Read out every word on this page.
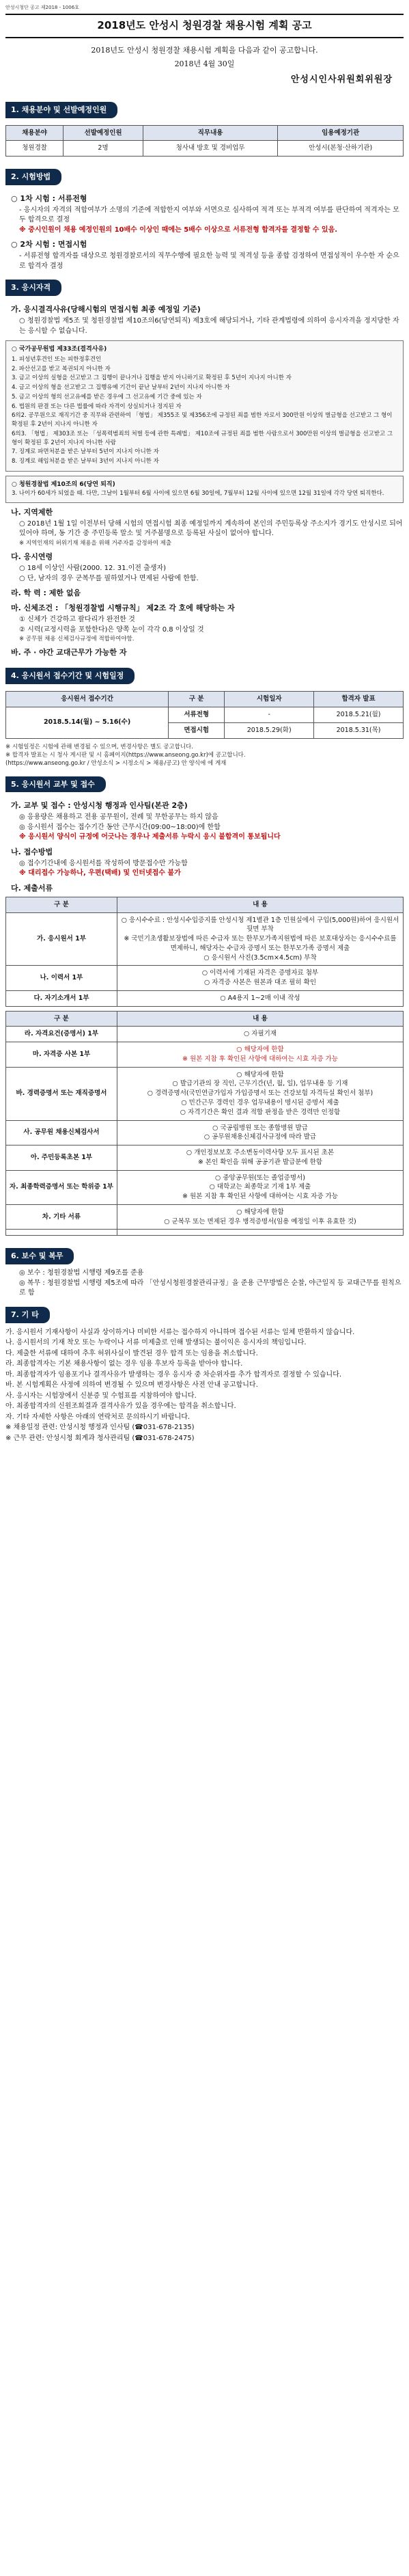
안성시청단 공고 제2018 - 1006호
2018년도 안성시 청원경찰 채용시험 계획 공고
2018년도 안성시 청원경찰 채용시험 계획을 다음과 같이 공고합니다.
2018년 4월 30일
안성시인사위원회위원장
1. 채용분야 및 선발예정인원
채용분야	선발예정인원	직무내용	임용예정기관
청원경찰	2명	청사내 방호 및 경비업무	안성시(본청·산하기관)
2. 시험방법
○ 1차 시험 : 서류전형
- 응시자의 자격의 적합여부가 소명의 기준에 적합한지 여부와 서면으로 심사하여 적격 또는 부적격 여부를 판단하여 적격자는 모두 합격으로 결정
※ 중시인원이 채용 예정인원의 10배수 이상인 때에는 5배수 이상으로 서류전형 합격자를 결정할 수 있음.
○ 2차 시험 : 면접시험
- 서류전형 합격자를 대상으로 청원경찰로서의 직무수행에 필요한 능력 및 적격성 등을 종합 검정하여 면접성적이 우수한 자 순으로 합격자 결정
3. 응시자격
가. 응시결격사유(당해시험의 면접시험 최종 예정일 기준)
○ 청원경찰법 제5조 및 청원경찰법 제10조의6(당연퇴직) 제3호에 해당되거나, 기타 관계법령에 의하여 응시자격을 정지당한 자는 응시할 수 없습니다.
○ 국가공무원법 제33조(결격사유)
1. 피성년후견인 또는 피한정후견인
2. 파산선고를 받고 복권되지 아니한 자
3. 금고 이상의 실형을 선고받고 그 집행이 끝나거나 집행을 받지 아니하기로 확정된 후 5년이 지나지 아니한 자
4. 금고 이상의 형을 선고받고 그 집행유예 기간이 끝난 날부터 2년이 지나지 아니한 자
5. 금고 이상의 형의 선고유예를 받은 경우에 그 선고유예 기간 중에 있는 자
6. 법원의 판결 또는 다른 법률에 따라 자격이 상실되거나 정지된 자
6의2. 공무원으로 재직기간 중 직무와 관련하여 「형법」 제355조 및 제356조에 규정된 죄를 범한 자로서 300만원 이상의 벌금형을 선고받고 그 형이 확정된 후 2년이 지나지 아니한 자
6의3. 「형법」 제303조 또는 「성폭력범죄의 처벌 등에 관한 특례법」 제10조에 규정된 죄를 범한 사람으로서 300만원 이상의 벌금형을 선고받고 그 형이 확정된 후 2년이 지나지 아니한 사람
7. 징계로 파면처분을 받은 날부터 5년이 지나지 아니한 자
8. 징계로 해임처분을 받은 날부터 3년이 지나지 아니한 자
○ 청원경찰법 제10조의 6(당연 퇴직)
3. 나이가 60세가 되었을 때. 다만, 그날이 1월부터 6월 사이에 있으면 6월 30일에, 7월부터 12월 사이에 있으면 12월 31일에 각각 당연 퇴직한다.
나. 지역제한
○ 2018년 1월 1일 이전부터 당해 시험의 면접시험 최종 예정일까지 계속하여 본인의 주민등록상 주소지가 경기도 안성시로 되어 있어야 하며, 동 기간 중 주민등록 말소 및 거주불명으로 등록된 사실이 없어야 합니다.
※ 지역인재의 허위기재 채용을 위해 거주자를 감정하여 제출
다. 응시연령
○ 18세 이상인 사람(2000. 12. 31.이전 출생자)
○ 단, 남자의 경우 군복무를 필하였거나 면제된 사람에 한함.
라. 학 력 : 제한 없음
마. 신체조건 : 「청원경찰법 시행규칙」 제2조 각 호에 해당하는 자
① 신체가 건강하고 팔다리가 완전한 것
② 시력(교정시력을 포함한다)은 양쪽 눈이 각각 0.8 이상일 것
※ 공무원 채용 신체검사규정에 적합하여야함.
바. 주 · 야간 교대근무가 가능한 자
4. 응시원서 접수기간 및 시험일정
응시원서 접수기간	구 분	시험일자	합격자 발표
2018.5.14(월) ~ 5.16(수)	서류전형	-	2018.5.21(월)
	면접시험	2018.5.29(화)	2018.5.31(목)
※ 시험일정은 시험에 관해 변경될 수 있으며, 변경사항은 별도 공고합니다.
※ 합격자 발표는 시 청사 게시판 및 시 홈페이지(https://www.anseong.go.kr)에 공고합니다.
(https://www.anseong.go.kr / 안성소식 > 시정소식 > 채용/공고) 안 양식에 에 게재
5. 응시원서 교부 및 접수
가. 교부 및 접수 : 안성시청 행정과 인사팀(본관 2층)
◎ 응용량은 채용하고 전용 공무원이, 전례 및 무한공무는 하지 않음
◎ 응시원서 접수는 접수기간 동안 근무시간(09:00~18:00)에 한함
※ 응시원서 양식이 규정에 어긋나는 경우나 제출서류 누락시 응시 불합격이 통보됩니다
나. 접수방법
◎ 접수기간내에 응시원서를 작성하여 방문접수만 가능함
※ 대리접수 가능하나, 우편(택배) 및 인터넷접수 불가
다. 제출서류
구 분	내 용
가. 응시원서 1부	○ 응시수수료 : 안성시수입증지를 안성시청 제1별관 1층 민원실에서 구입(5,000원)하여 응시원서 뒷면 부착
※ 국민기초생활보장법에 따른 수급자 또는 한부모가족지원법에 따른 보호대상자는 응시수수료를 면제하니, 해당자는 수급자 증명서 또는 한부모가족 증명서 제출
○ 응시원서 사진(3.5cm×4.5cm) 부착
나. 이력서 1부	○ 이력서에 기재된 자격은 증명자료 첨부
○ 자격증 사본은 원본과 대조 필히 확인
다. 자기소개서 1부	○ A4용지 1~2매 이내 작성
구 분	내 용
라. 자격요건(증명서) 1부	○ 자필기재
마. 자격증 사본 1부	○ 해당자에 한함
※ 원본 지참 후 확인된 사항에 대하여는 시효 자증 가능
바. 경력증명서 또는 재직증명서	○ 해당자에 한함
○ 발급기관의 장 직인, 근무기간(년, 월, 일), 업무내용 등 기재
○ 경력증명서(국민연금가입자 가입증명서 또는 건강보험 자격득실 확인서 첨부)
○ 민간근무 경력인 경우 업무내용이 명시된 증명서 제출
○ 자격기간은 확인 결과 적합 판정을 받은 경력만 인정함
사. 공무원 채용신체검사서	○ 국공립병원 또는 종합병원 발급
○ 공무원채용신체검사규정에 따라 발급
아. 주민등록초본 1부	○ 개인정보보호 주소변동이력사항 모두 표시된 초본
※ 본인 확인을 위해 공공기관 발급분에 한함
자. 최종학력증명서 또는 학위증 1부	○ 중앙공무원(또는 졸업증명서)
○ 대학교는 최종학교 기재 1부 제출
※ 원본 지참 후 확인된 사항에 대하여는 시효 자증 가능
차. 기타 서류	○ 해당자에 한함
○ 군복무 또는 면제된 경우 병적증명서(임용 예정일 이후 유효한 것)

6. 보수 및 복무
◎ 보수 : 청원경찰법 시행령 제9조를 준용
◎ 복무 : 청원경찰법 시행령 제5조에 따라 「안성시청원경찰관리규정」을 준용 근무방법은 순찰, 야근일직 등 교대근무를 원칙으로 함
7. 기 타
가. 응시원서 기재사항이 사실과 상이하거나 미비한 서류는 접수하지 아니하며 접수된 서류는 일체 반환하지 않습니다.
나. 응시원서의 기재 착오 또는 누락이나 서류 미제출로 인해 발생되는 불이익은 응시자의 책임입니다.
다. 제출한 서류에 대하여 추후 허위사실이 발견된 경우 합격 또는 임용을 취소합니다.
라. 최종합격자는 기본 채용사항이 없는 경우 임용 후보자 등록을 받아야 합니다.
마. 최종합격자가 임용포기나 결격사유가 발생하는 경우 응시자 중 차순위자를 추가 합격자로 결정할 수 있습니다.
바. 본 시험계획은 사정에 의하여 변경될 수 있으며 변경사항은 사전 안내 공고합니다.
사. 응시자는 시험장에서 신분증 및 수험표를 지참하여야 합니다.
아. 최종합격자의 신원조회결과 결격사유가 있을 경우에는 합격을 취소합니다.
자. 기타 자세한 사항은 아래의 연락처로 문의하시기 바랍니다.
※ 채용일정 관련: 안성시청 행정과 인사팀 (☎031-678-2135)
※ 근무 관련: 안성시청 회계과 청사관리팀 (☎031-678-2475)
